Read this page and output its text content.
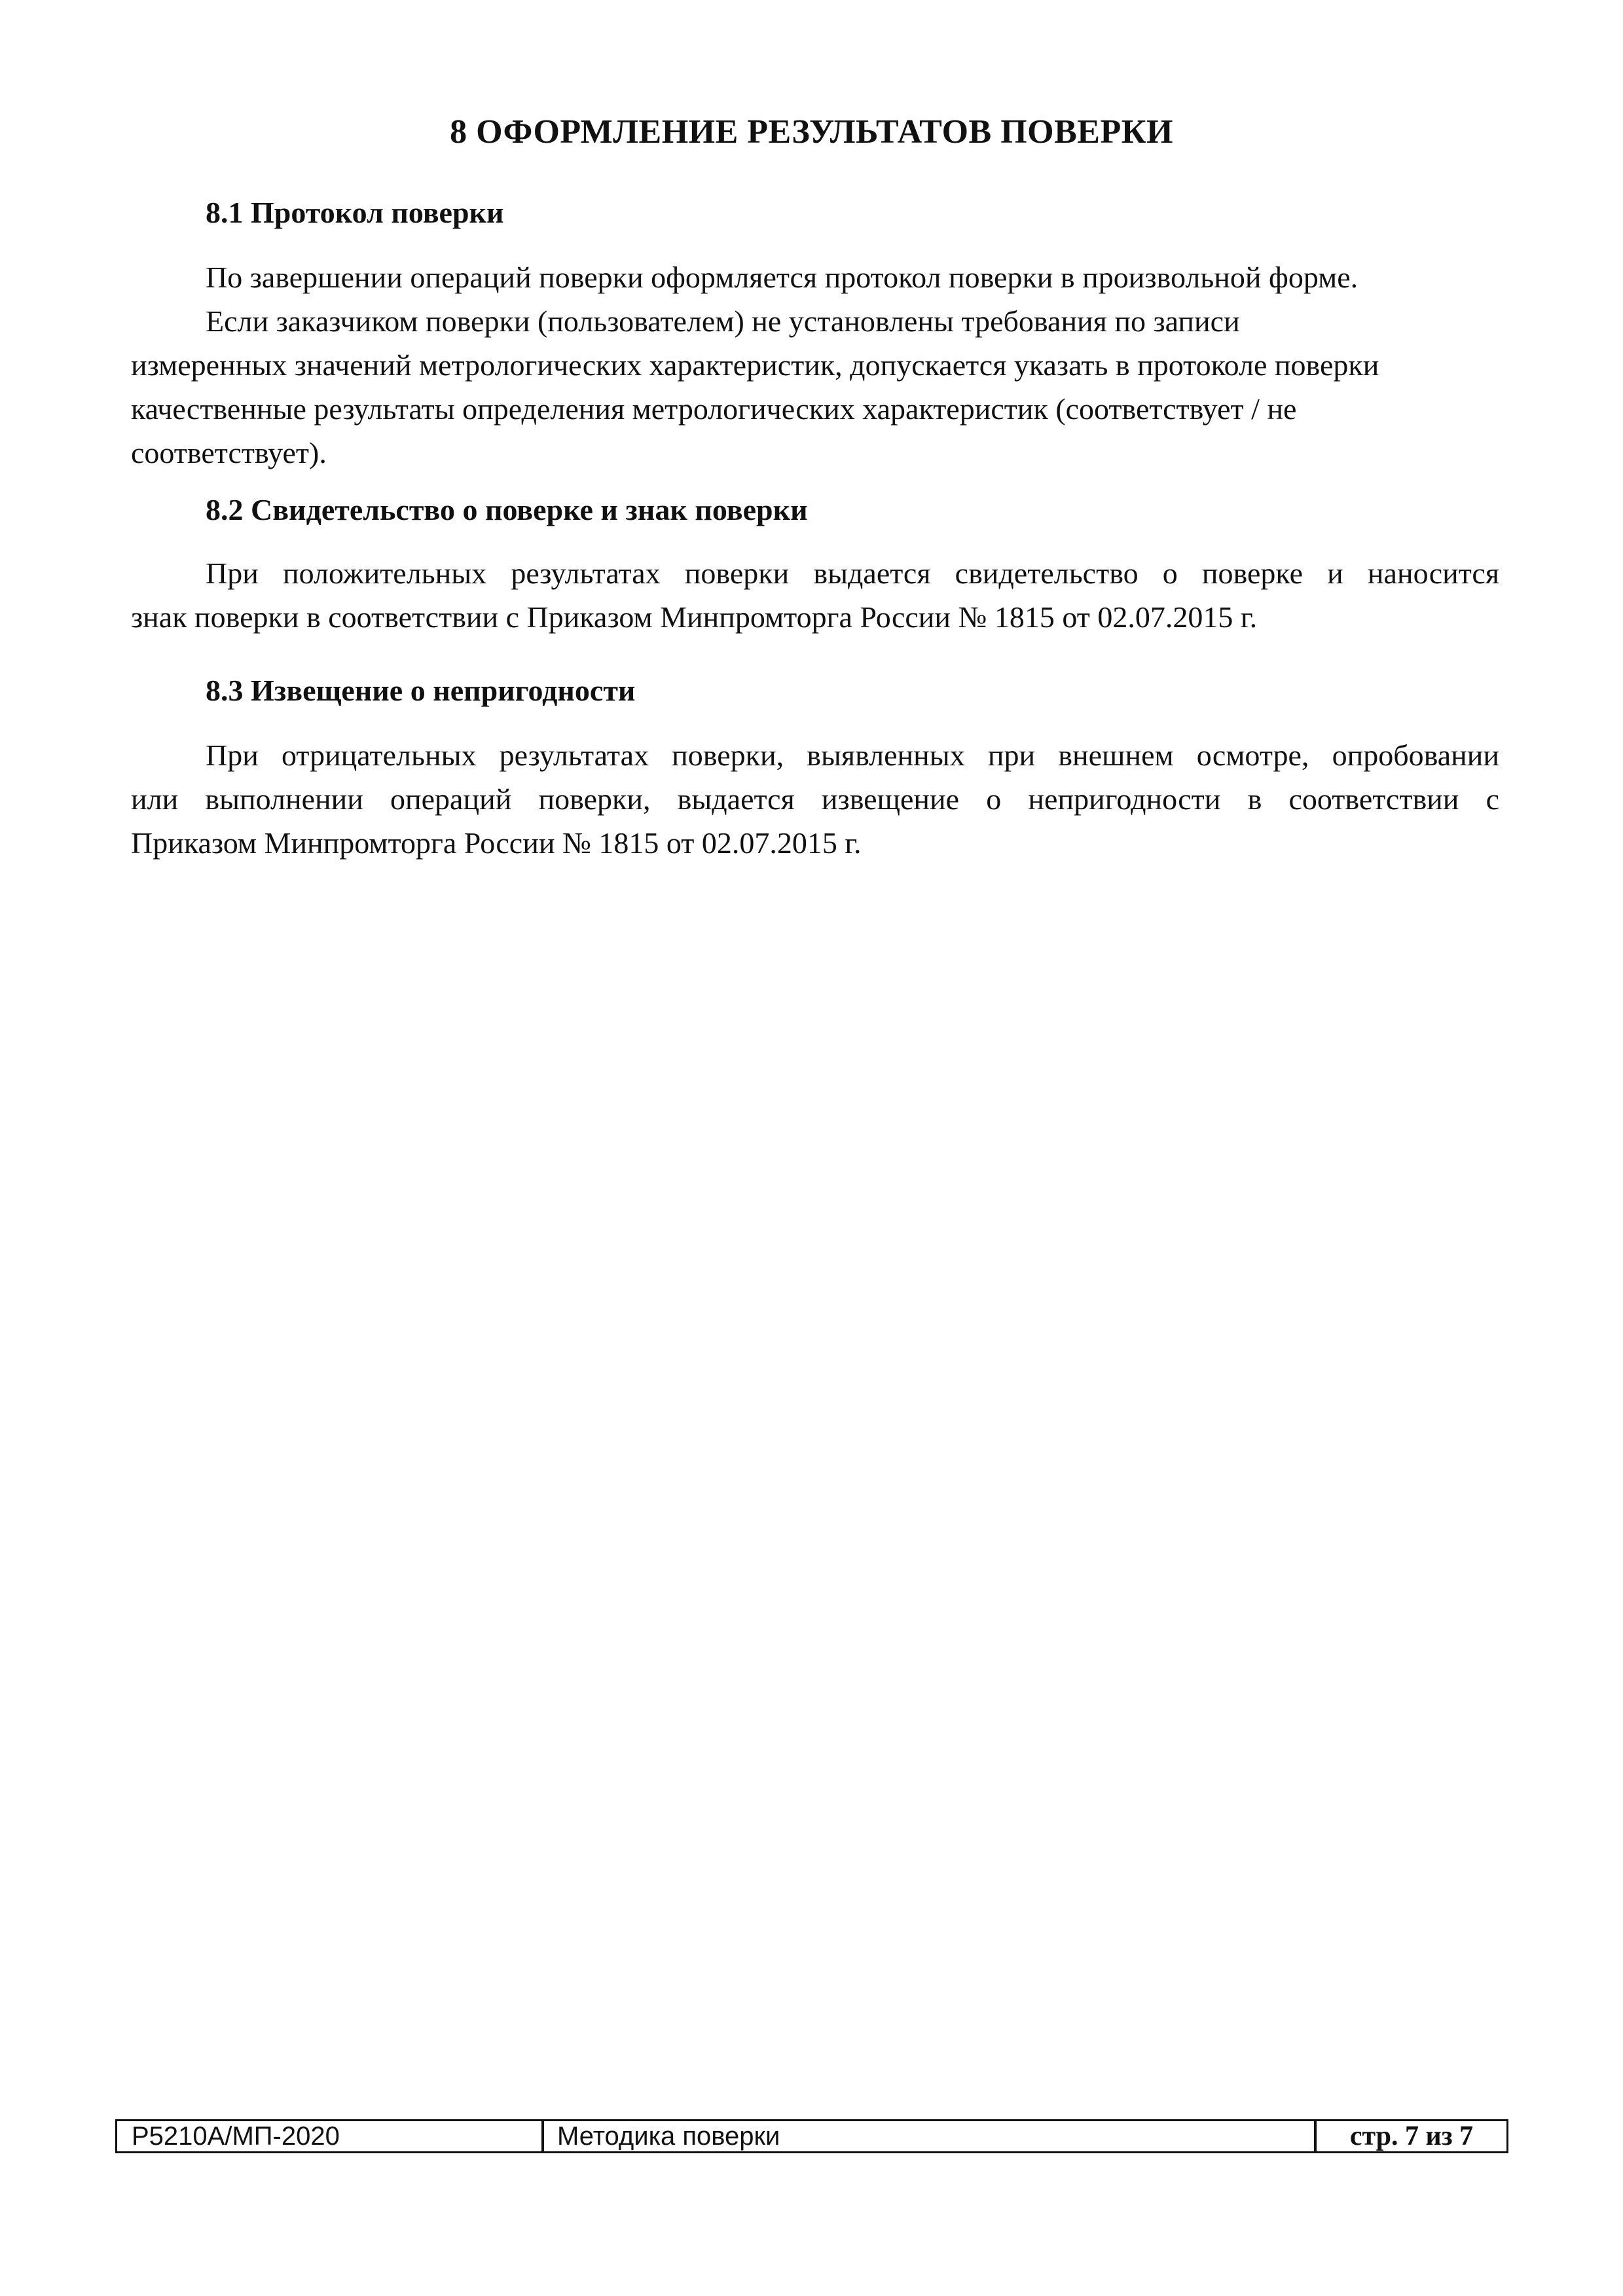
8 ОФОРМЛЕНИЕ РЕЗУЛЬТАТОВ ПОВЕРКИ
8.1 Протокол поверки
По завершении операций поверки оформляется протокол поверки в произвольной форме.
Если заказчиком поверки (пользователем) не установлены требования по записи
измеренных значений метрологических характеристик, допускается указать в протоколе поверки
качественные результаты определения метрологических характеристик (соответствует / не
соответствует).
8.2 Свидетельство о поверке и знак поверки
При положительных результатах поверки выдается свидетельство о поверке и наносится
знак поверки в соответствии с Приказом Минпромторга России № 1815 от 02.07.2015 г.
8.3 Извещение о непригодности
При отрицательных результатах поверки, выявленных при внешнем осмотре, опробовании
или выполнении операций поверки, выдается извещение о непригодности в соответствии с
Приказом Минпромторга России № 1815 от 02.07.2015 г.
Р5210А/МП-2020	Методика поверки	стр. 7 из 7
